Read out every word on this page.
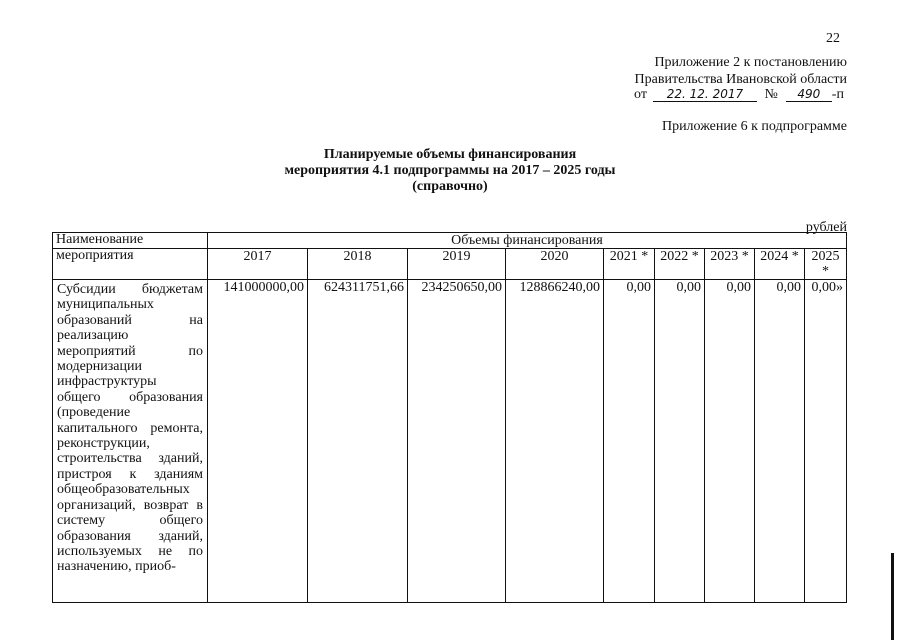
22
Приложение 2 к постановлению
Правительства Ивановской области
от 22. 12. 2017 № 490 -п
Приложение 6 к подпрограмме
Планируемые объемы финансирования
мероприятия 4.1 подпрограммы на 2017 – 2025 годы
(справочно)
рублей
Наименование	Объемы финансирования								
мероприятия	2017	2018	2019	2020	2021 *	2022 *	2023 *	2024 *	2025 *
Субсидии бюджетам муниципальных образований на реализацию мероприятий по модернизации инфраструктуры общего образования (проведение капитального ремонта, реконструкции, строительства зданий, пристроя к зданиям общеобразовательных организаций, возврат в систему общего образования зданий, используемых не по назначению, приоб-	141000000,00	624311751,66	234250650,00	128866240,00	0,00	0,00	0,00	0,00	0,00»
